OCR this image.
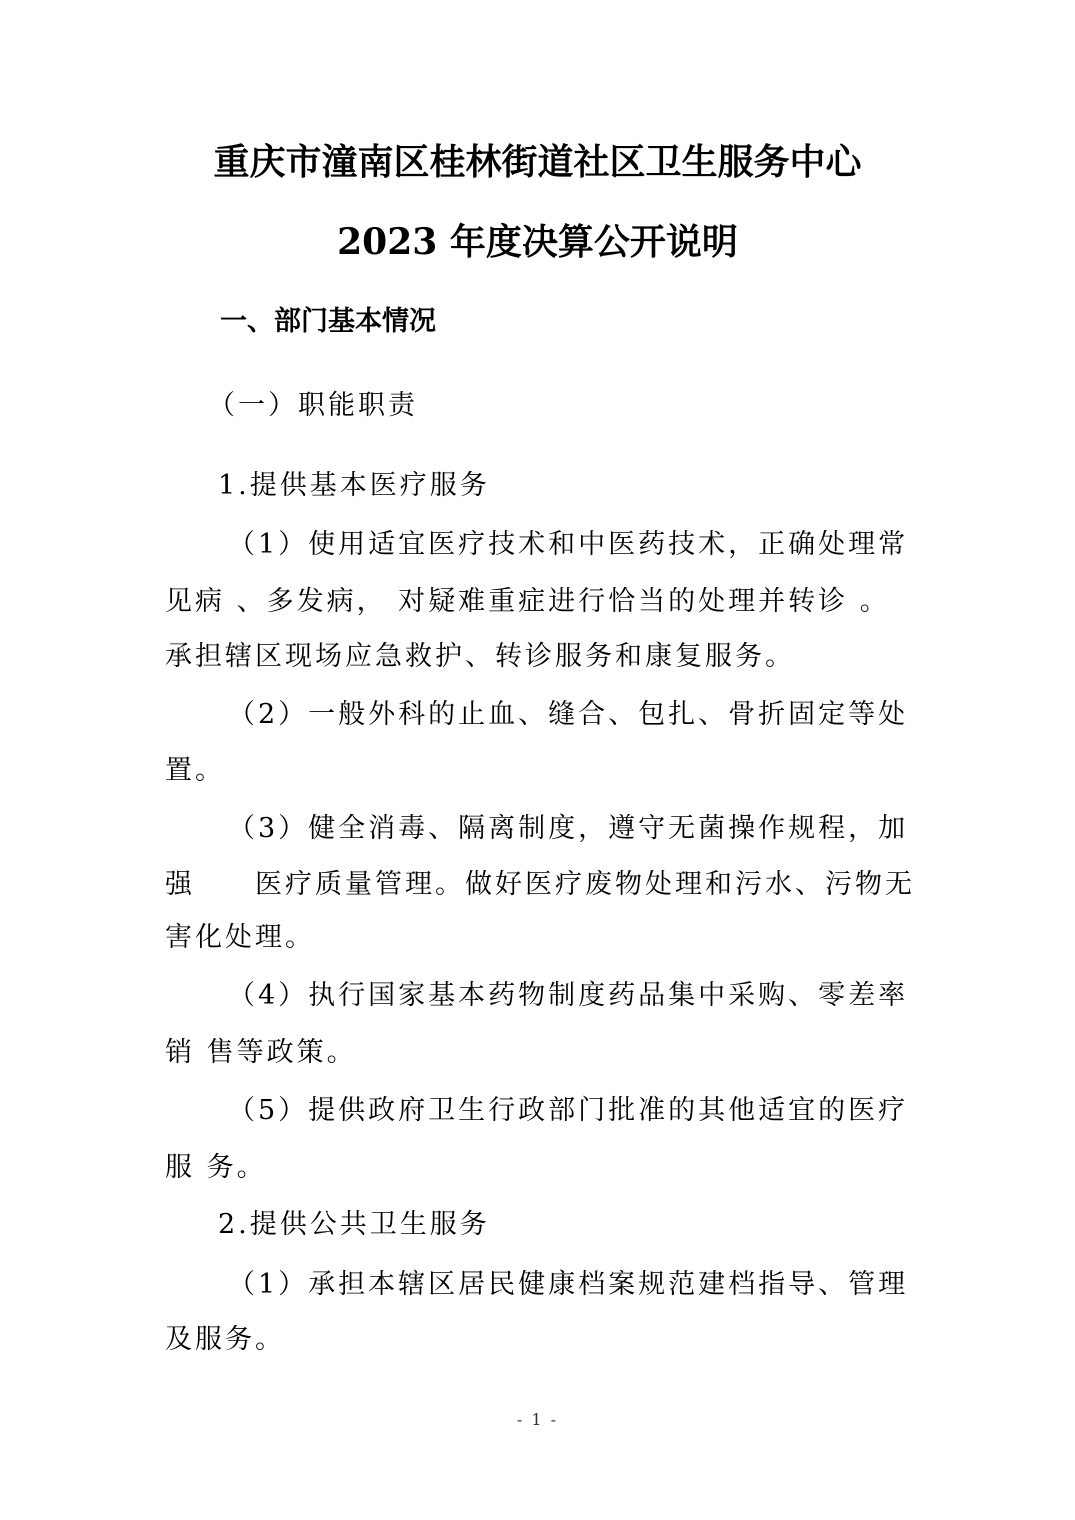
重庆市潼南区桂林街道社区卫生服务中心
2023 年度决算公开说明
一、部门基本情况

（一）职能职责

1.提供基本医疗服务

（1）使用适宜医疗技术和中医药技术，正确处理常

见病 、多发病， 对疑难重症进行恰当的处理并转诊 。

承担辖区现场应急救护、转诊服务和康复服务。

（2）一般外科的止血、缝合、包扎、骨折固定等处

置。

（3）健全消毒、隔离制度，遵守无菌操作规程，加

强　　医疗质量管理。做好医疗废物处理和污水、污物无

害化处理。

（4）执行国家基本药物制度药品集中采购、零差率

销 售等政策。

（5）提供政府卫生行政部门批准的其他适宜的医疗

服 务。

2.提供公共卫生服务

（1）承担本辖区居民健康档案规范建档指导、管理

及服务。

- 1 -
